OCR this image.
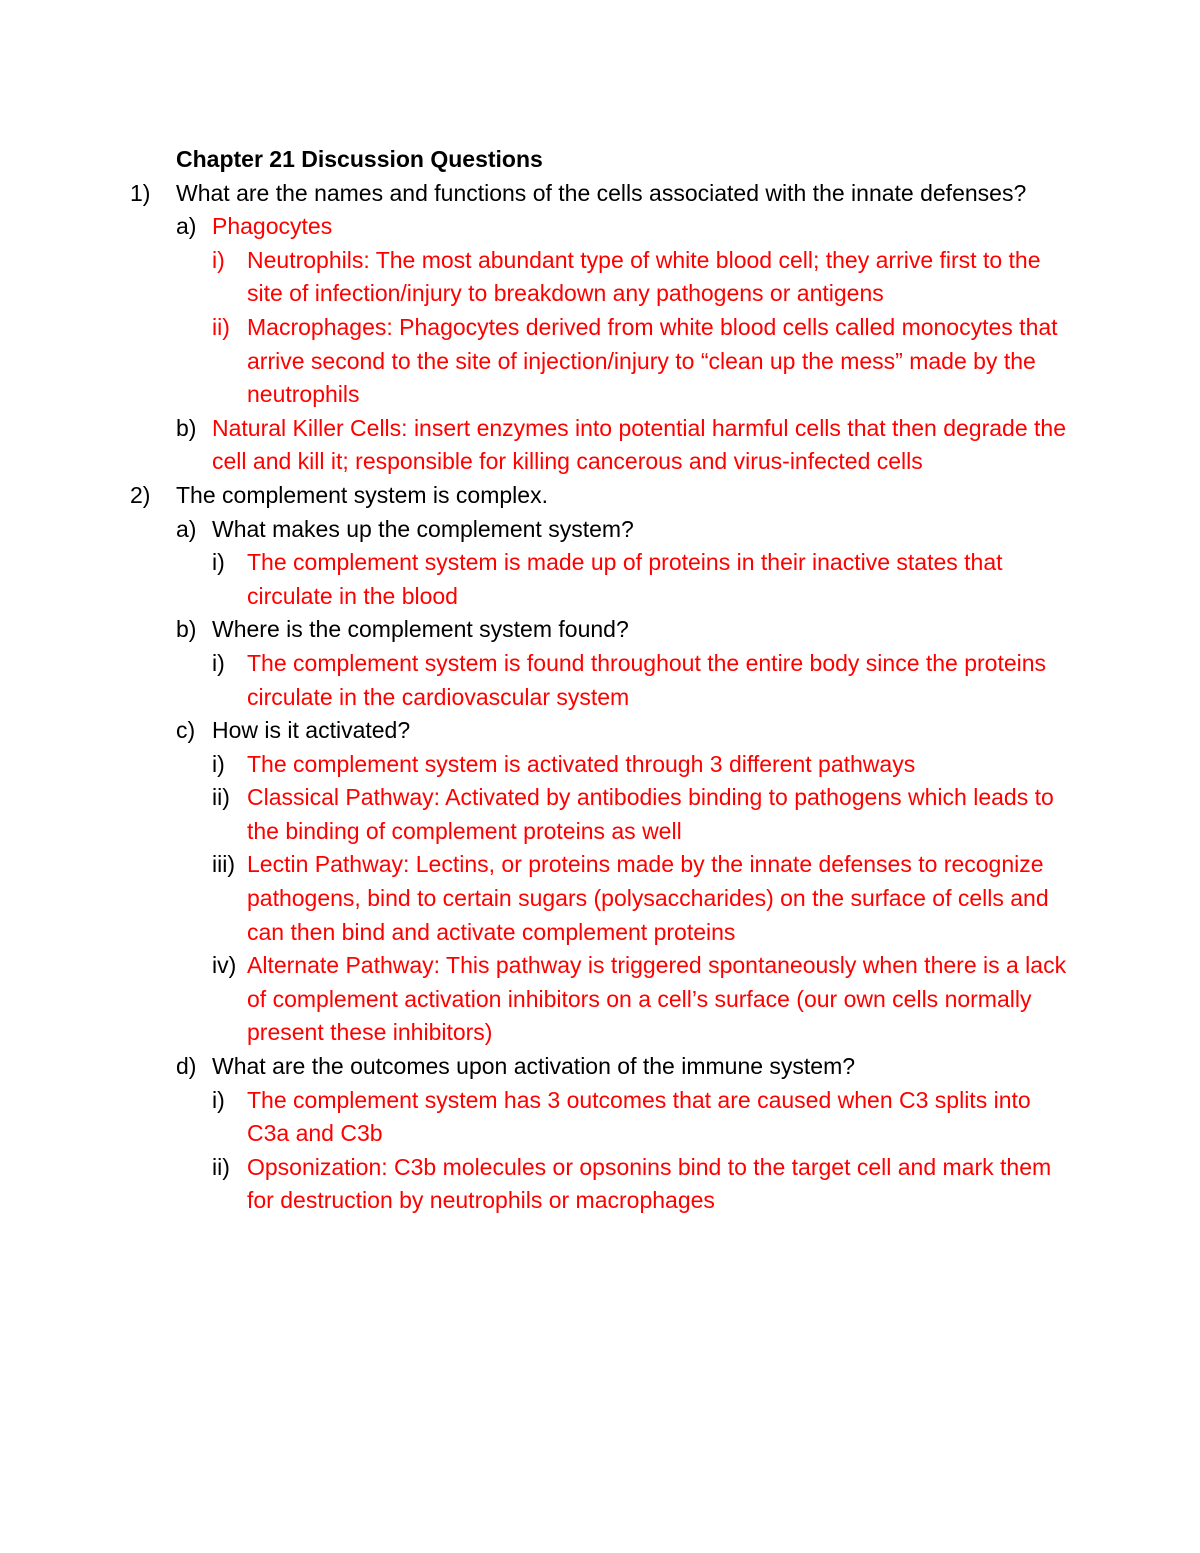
Chapter 21 Discussion Questions
1)	What are the names and functions of the cells associated with the innate defenses?
a) Phagocytes
i) Neutrophils: The most abundant type of white blood cell; they arrive first to the site of infection/injury to breakdown any pathogens or antigens
ii) Macrophages: Phagocytes derived from white blood cells called monocytes that arrive second to the site of injection/injury to “clean up the mess” made by the neutrophils
b) Natural Killer Cells: insert enzymes into potential harmful cells that then degrade the cell and kill it; responsible for killing cancerous and virus-infected cells
2)	The complement system is complex.
a) What makes up the complement system?
i) The complement system is made up of proteins in their inactive states that circulate in the blood
b) Where is the complement system found?
i) The complement system is found throughout the entire body since the proteins circulate in the cardiovascular system
c) How is it activated?
i) The complement system is activated through 3 different pathways
ii) Classical Pathway: Activated by antibodies binding to pathogens which leads to the binding of complement proteins as well
iii) Lectin Pathway: Lectins, or proteins made by the innate defenses to recognize pathogens, bind to certain sugars (polysaccharides) on the surface of cells and can then bind and activate complement proteins
iv) Alternate Pathway: This pathway is triggered spontaneously when there is a lack of complement activation inhibitors on a cell’s surface (our own cells normally present these inhibitors)
d) What are the outcomes upon activation of the immune system?
i) The complement system has 3 outcomes that are caused when C3 splits into C3a and C3b
ii) Opsonization: C3b molecules or opsonins bind to the target cell and mark them for destruction by neutrophils or macrophages
